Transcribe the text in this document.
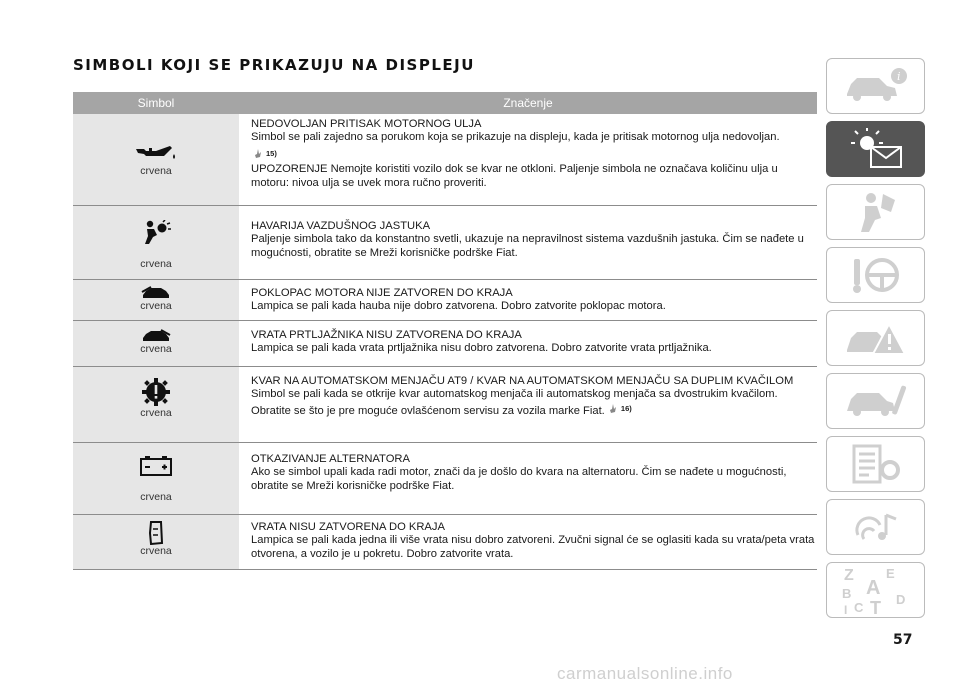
SIMBOLI KOJI SE PRIKAZUJU NA DISPLEJU
Simbol	Značenje
crvena
NEDOVOLJAN PRITISAK MOTORNOG ULJA
Simbol se pali zajedno sa porukom koja se prikazuje na displeju, kada je pritisak motornog ulja nedovoljan.
15)
UPOZORENJE Nemojte koristiti vozilo dok se kvar ne otkloni. Paljenje simbola ne označava količinu ulja u motoru: nivoa ulja se uvek mora ručno proveriti.
crvena
HAVARIJA VAZDUŠNOG JASTUKA
Paljenje simbola tako da konstantno svetli, ukazuje na nepravilnost sistema vazdušnih jastuka. Čim se nađete u mogućnosti, obratite se Mreži korisničke podrške Fiat.
crvena
POKLOPAC MOTORA NIJE ZATVOREN DO KRAJA
Lampica se pali kada hauba nije dobro zatvorena. Dobro zatvorite poklopac motora.
crvena
VRATA PRTLJAŽNIKA NISU ZATVORENA DO KRAJA
Lampica se pali kada vrata prtljažnika nisu dobro zatvorena. Dobro zatvorite vrata prtljažnika.
crvena
KVAR NA AUTOMATSKOM MENJAČU AT9 / KVAR NA AUTOMATSKOM MENJAČU SA DUPLIM KVAČILOM
Simbol se pali kada se otkrije kvar automatskog menjača ili automatskog menjača sa dvostrukim kvačilom. Obratite se što je pre moguće ovlašćenom servisu za vozila marke Fiat. 16)
crvena
OTKAZIVANJE ALTERNATORA
Ako se simbol upali kada radi motor, znači da je došlo do kvara na alternatoru. Čim se nađete u mogućnosti, obratite se Mreži korisničke podrške Fiat.
crvena
VRATA NISU ZATVORENA DO KRAJA
Lampica se pali kada jedna ili više vrata nisu dobro zatvoreni. Zvučni signal će se oglasiti kada su vrata/peta vrata otvorena, a vozilo je u pokretu. Dobro zatvorite vrata.
i
Z E
A
B
C
D
T
I
57
carmanualsonline.info
